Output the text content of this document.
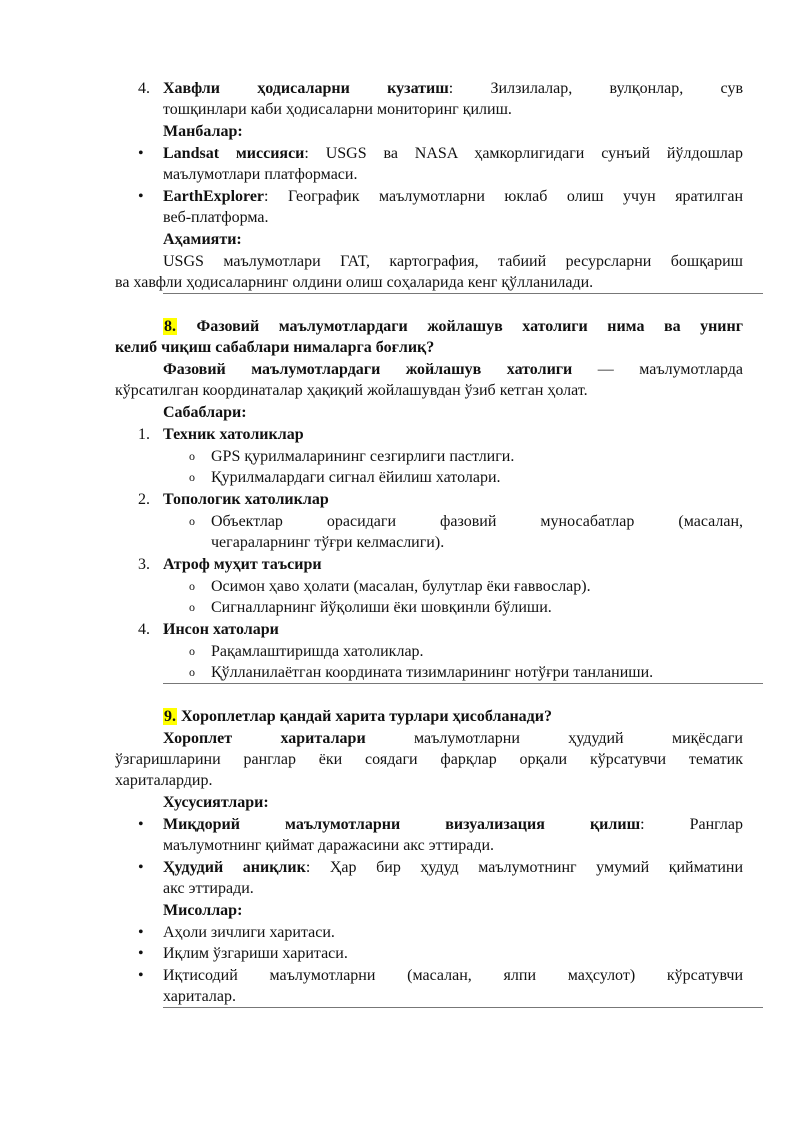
4. Хавфли ҳодисаларни кузатиш: Зилзилалар, вулқонлар, сув
тошқинлари каби ҳодисаларни мониторинг қилиш.
Манбалар:
• Landsat миссияси: USGS ва NASA ҳамкорлигидаги сунъий йўлдошлар
маълумотлари платформаси.
• EarthExplorer: Географик маълумотларни юклаб олиш учун яратилган
веб-платформа.
Аҳамияти:
USGS маълумотлари ГАТ, картография, табиий ресурсларни бошқариш
ва хавфли ҳодисаларнинг олдини олиш соҳаларида кенг қўлланилади.
8. Фазовий маълумотлардаги жойлашув хатолиги нима ва унинг
келиб чиқиш сабаблари нималарга боғлиқ?
Фазовий маълумотлардаги жойлашув хатолиги — маълумотларда
кўрсатилган координаталар ҳақиқий жойлашувдан ўзиб кетган ҳолат.
Сабаблари:
1. Техник хатоликлар
o GPS қурилмаларининг сезгирлиги пастлиги.
o Қурилмалардаги сигнал ёйилиш хатолари.
2. Топологик хатоликлар
o Объектлар орасидаги фазовий муносабатлар (масалан,
чегараларнинг тўғри келмаслиги).
3. Атроф муҳит таъсири
o Осимон ҳаво ҳолати (масалан, булутлар ёки ғаввослар).
o Сигналларнинг йўқолиши ёки шовқинли бўлиши.
4. Инсон хатолари
o Рақамлаштиришда хатоликлар.
o Қўлланилаётган координата тизимларининг нотўғри танланиши.
9. Хороплетлар қандай харита турлари ҳисобланади?
Хороплет хариталари маълумотларни ҳудудий миқёсдаги
ўзгаришларини ранглар ёки соядаги фарқлар орқали кўрсатувчи тематик
хариталардир.
Хусусиятлари:
• Миқдорий маълумотларни визуализация қилиш: Ранглар
маълумотнинг қиймат даражасини акс эттиради.
• Ҳудудий аниқлик: Ҳар бир ҳудуд маълумотнинг умумий қийматини
акс эттиради.
Мисоллар:
• Аҳоли зичлиги харитаси.
• Иқлим ўзгариши харитаси.
• Иқтисодий маълумотларни (масалан, ялпи маҳсулот) кўрсатувчи
хариталар.
